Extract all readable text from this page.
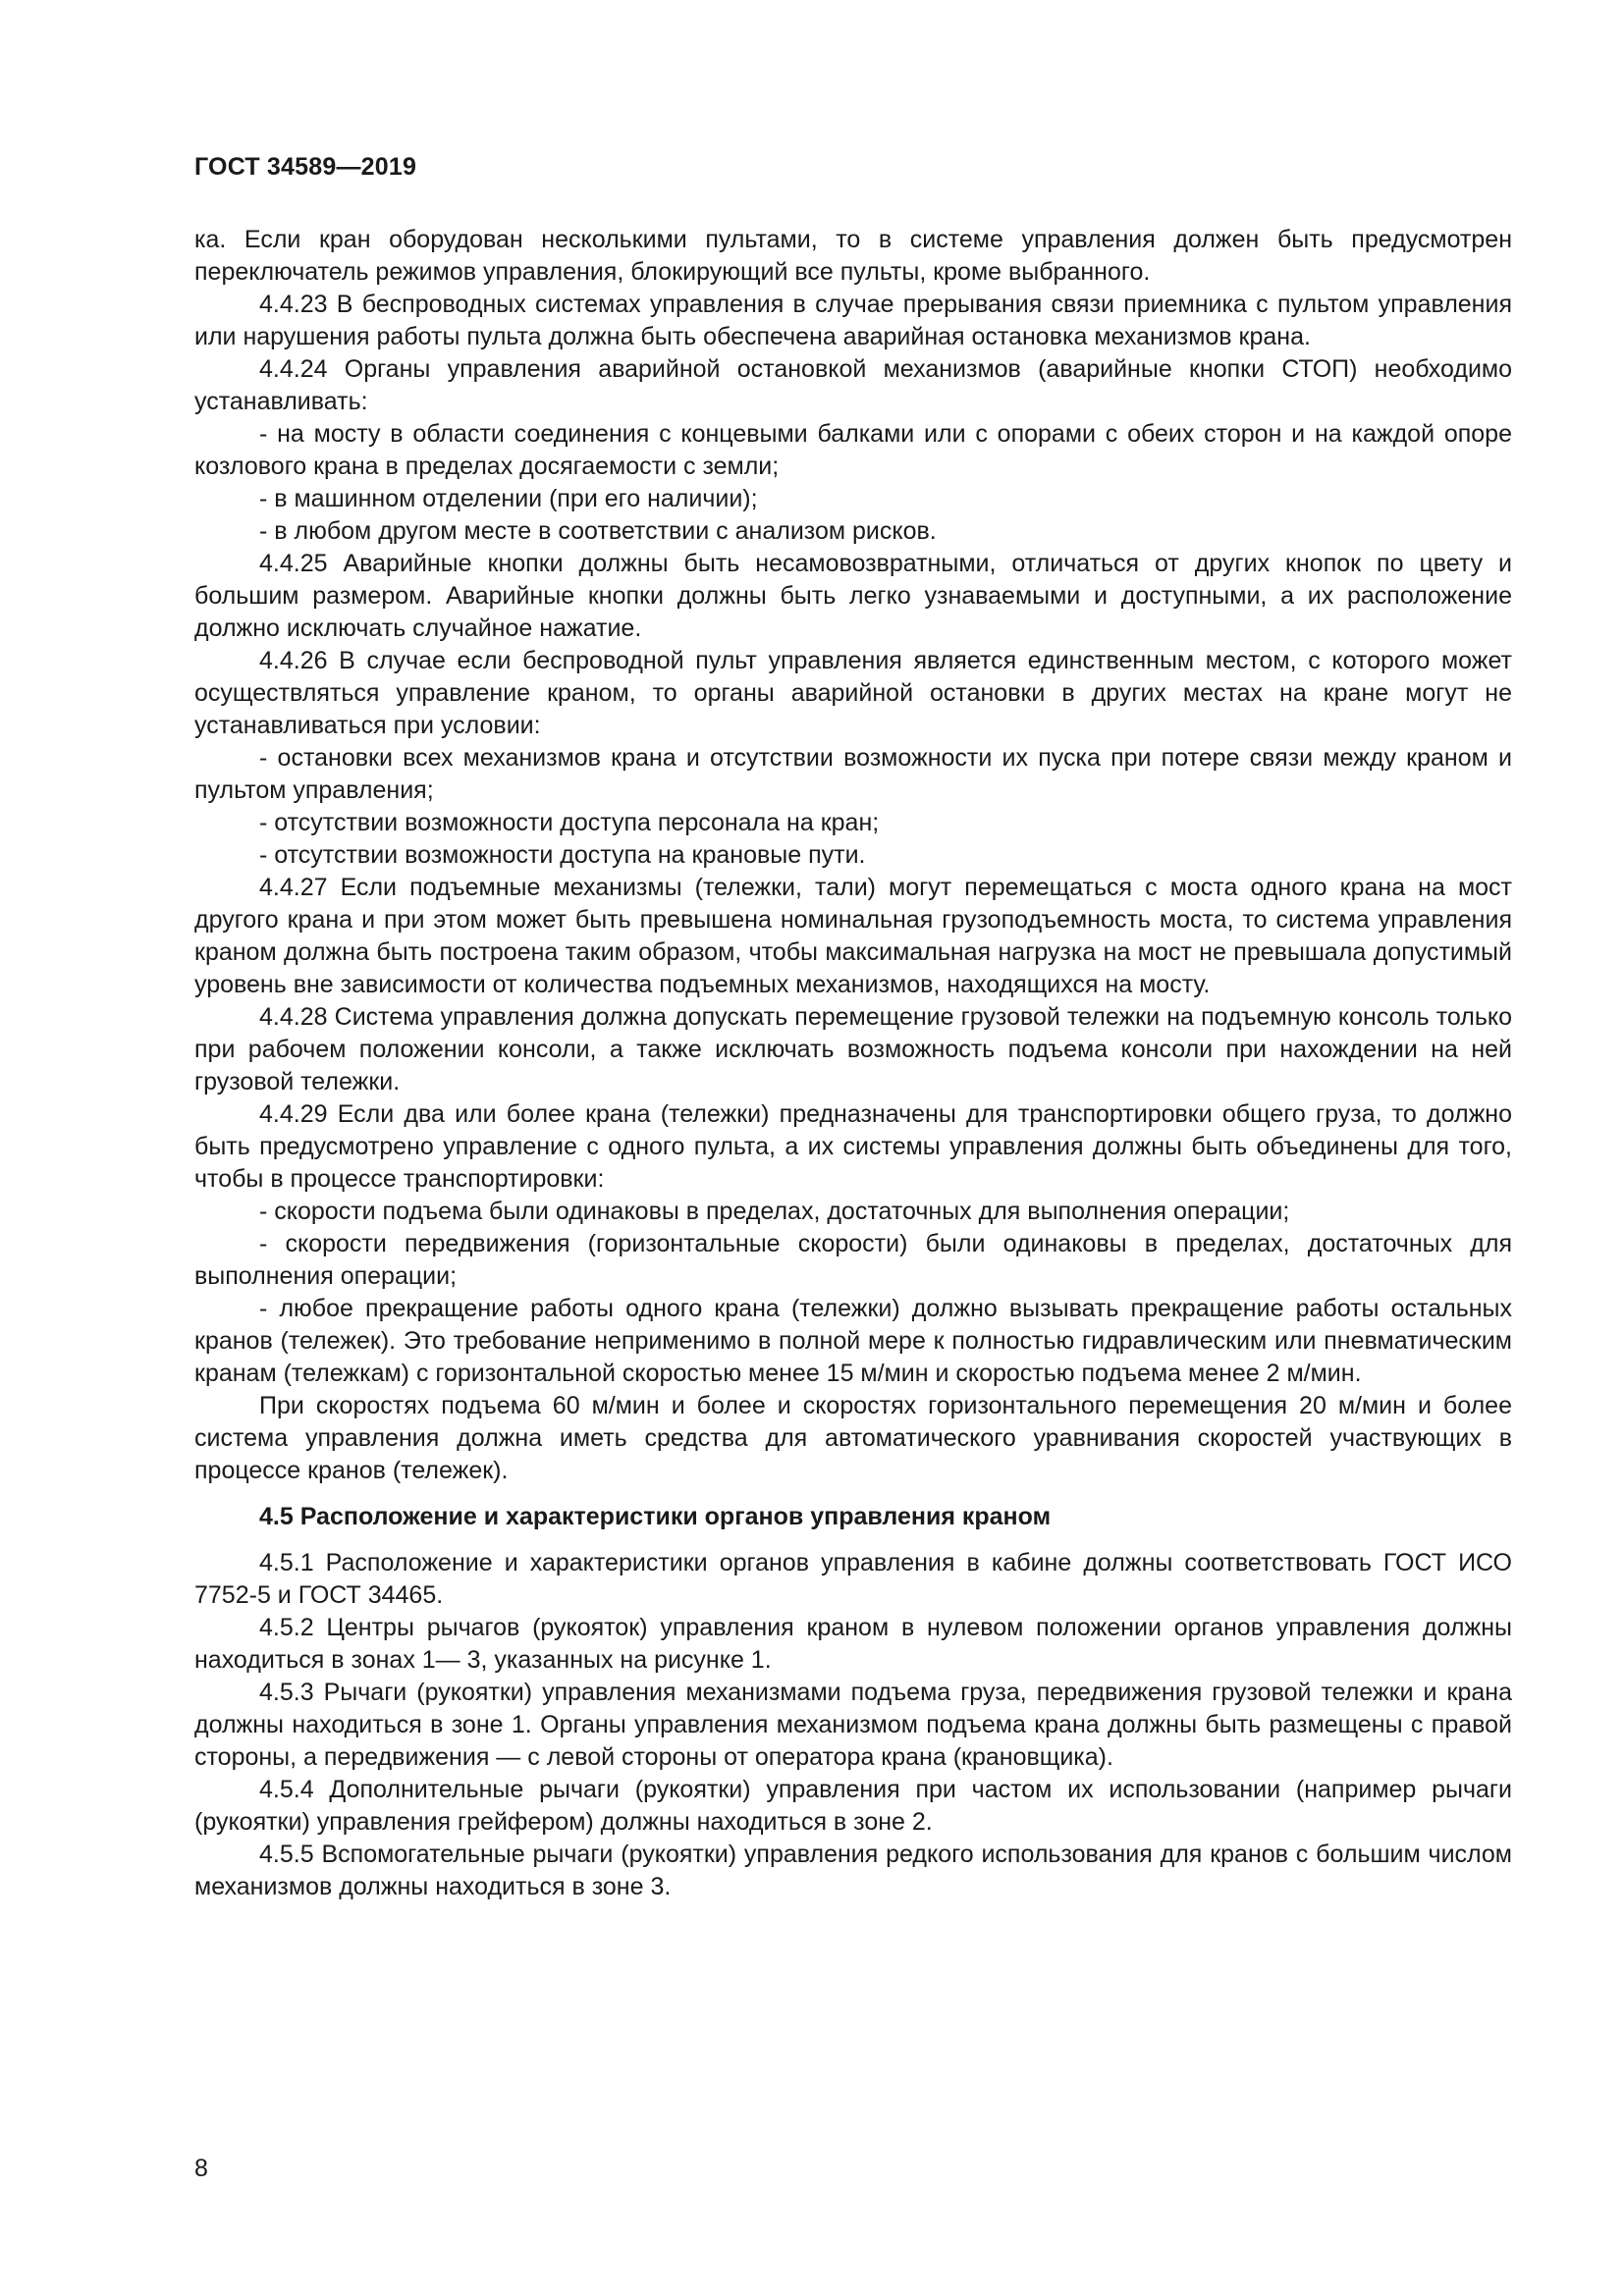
ГОСТ 34589—2019

ка. Если кран оборудован несколькими пультами, то в системе управления должен быть предусмотрен переключатель режимов управления, блокирующий все пульты, кроме выбранного.

4.4.23 В беспроводных системах управления в случае прерывания связи приемника с пультом управления или нарушения работы пульта должна быть обеспечена аварийная остановка механизмов крана.

4.4.24 Органы управления аварийной остановкой механизмов (аварийные кнопки СТОП) необходимо устанавливать:

- на мосту в области соединения с концевыми балками или с опорами с обеих сторон и на каждой опоре козлового крана в пределах досягаемости с земли;

- в машинном отделении (при его наличии);

- в любом другом месте в соответствии с анализом рисков.

4.4.25 Аварийные кнопки должны быть несамовозвратными, отличаться от других кнопок по цвету и большим размером. Аварийные кнопки должны быть легко узнаваемыми и доступными, а их расположение должно исключать случайное нажатие.

4.4.26 В случае если беспроводной пульт управления является единственным местом, с которого может осуществляться управление краном, то органы аварийной остановки в других местах на кране могут не устанавливаться при условии:

- остановки всех механизмов крана и отсутствии возможности их пуска при потере связи между краном и пультом управления;

- отсутствии возможности доступа персонала на кран;

- отсутствии возможности доступа на крановые пути.

4.4.27 Если подъемные механизмы (тележки, тали) могут перемещаться с моста одного крана на мост другого крана и при этом может быть превышена номинальная грузоподъемность моста, то система управления краном должна быть построена таким образом, чтобы максимальная нагрузка на мост не превышала допустимый уровень вне зависимости от количества подъемных механизмов, находящихся на мосту.

4.4.28 Система управления должна допускать перемещение грузовой тележки на подъемную консоль только при рабочем положении консоли, а также исключать возможность подъема консоли при нахождении на ней грузовой тележки.

4.4.29 Если два или более крана (тележки) предназначены для транспортировки общего груза, то должно быть предусмотрено управление с одного пульта, а их системы управления должны быть объединены для того, чтобы в процессе транспортировки:

- скорости подъема были одинаковы в пределах, достаточных для выполнения операции;

- скорости передвижения (горизонтальные скорости) были одинаковы в пределах, достаточных для выполнения операции;

- любое прекращение работы одного крана (тележки) должно вызывать прекращение работы остальных кранов (тележек). Это требование неприменимо в полной мере к полностью гидравлическим или пневматическим кранам (тележкам) с горизонтальной скоростью менее 15 м/мин и скоростью подъема менее 2 м/мин.

При скоростях подъема 60 м/мин и более и скоростях горизонтального перемещения 20 м/мин и более система управления должна иметь средства для автоматического уравнивания скоростей участвующих в процессе кранов (тележек).

4.5 Расположение и характеристики органов управления краном

4.5.1 Расположение и характеристики органов управления в кабине должны соответствовать ГОСТ ИСО 7752-5 и ГОСТ 34465.

4.5.2 Центры рычагов (рукояток) управления краном в нулевом положении органов управления должны находиться в зонах 1— 3, указанных на рисунке 1.

4.5.3 Рычаги (рукоятки) управления механизмами подъема груза, передвижения грузовой тележки и крана должны находиться в зоне 1. Органы управления механизмом подъема крана должны быть размещены с правой стороны, а передвижения — с левой стороны от оператора крана (крановщика).

4.5.4 Дополнительные рычаги (рукоятки) управления при частом их использовании (например рычаги (рукоятки) управления грейфером) должны находиться в зоне 2.

4.5.5 Вспомогательные рычаги (рукоятки) управления редкого использования для кранов с большим числом механизмов должны находиться в зоне 3.

8
